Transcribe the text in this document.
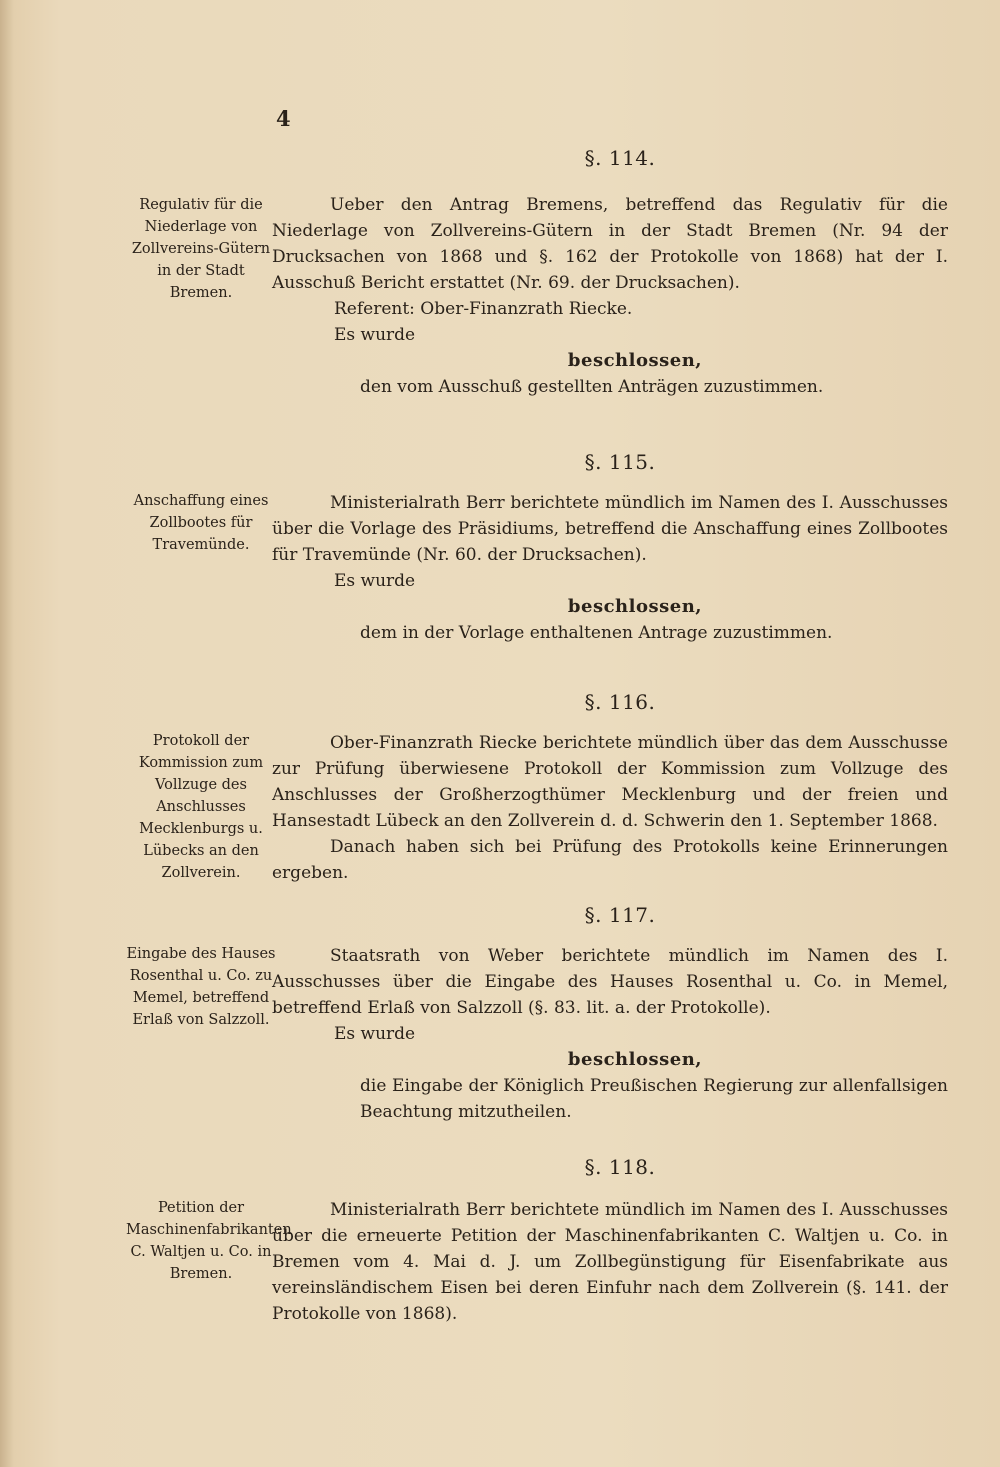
4
§. 114.
Regulativ für die Niederlage von Zollvereins-Gütern in der Stadt Bremen.

Ueber den Antrag Bremens, betreffend das Regulativ für die Niederlage von Zollvereins-Gütern in der Stadt Bremen (Nr. 94 der Drucksachen von 1868 und §. 162 der Protokolle von 1868) hat der I. Ausschuß Bericht erstattet (Nr. 69. der Drucksachen).

Referent: Ober-Finanzrath Riecke.

Es wurde

beschlossen,

den vom Ausschuß gestellten Anträgen zuzustimmen.

§. 115.
Anschaffung eines Zollbootes für Travemünde.

Ministerialrath Berr berichtete mündlich im Namen des I. Ausschusses über die Vorlage des Präsidiums, betreffend die Anschaffung eines Zollbootes für Travemünde (Nr. 60. der Drucksachen).

Es wurde

beschlossen,

dem in der Vorlage enthaltenen Antrage zuzustimmen.

§. 116.
Protokoll der Kommission zum Vollzuge des Anschlusses Mecklenburgs u. Lübecks an den Zollverein.

Ober-Finanzrath Riecke berichtete mündlich über das dem Ausschusse zur Prüfung überwiesene Protokoll der Kommission zum Vollzuge des Anschlusses der Großherzogthümer Mecklenburg und der freien und Hansestadt Lübeck an den Zollverein d. d. Schwerin den 1. September 1868.

Danach haben sich bei Prüfung des Protokolls keine Erinnerungen ergeben.

§. 117.
Eingabe des Hauses Rosenthal u. Co. zu Memel, betreffend Erlaß von Salzzoll.

Staatsrath von Weber berichtete mündlich im Namen des I. Ausschusses über die Eingabe des Hauses Rosenthal u. Co. in Memel, betreffend Erlaß von Salzzoll (§. 83. lit. a. der Protokolle).

Es wurde

beschlossen,

die Eingabe der Königlich Preußischen Regierung zur allenfallsigen Beachtung mitzutheilen.

§. 118.
Petition der Maschinenfabrikanten C. Waltjen u. Co. in Bremen.

Ministerialrath Berr berichtete mündlich im Namen des I. Ausschusses über die erneuerte Petition der Maschinenfabrikanten C. Waltjen u. Co. in Bremen vom 4. Mai d. J. um Zollbegünstigung für Eisenfabrikate aus vereinsländischem Eisen bei deren Einfuhr nach dem Zollverein (§. 141. der Protokolle von 1868).
